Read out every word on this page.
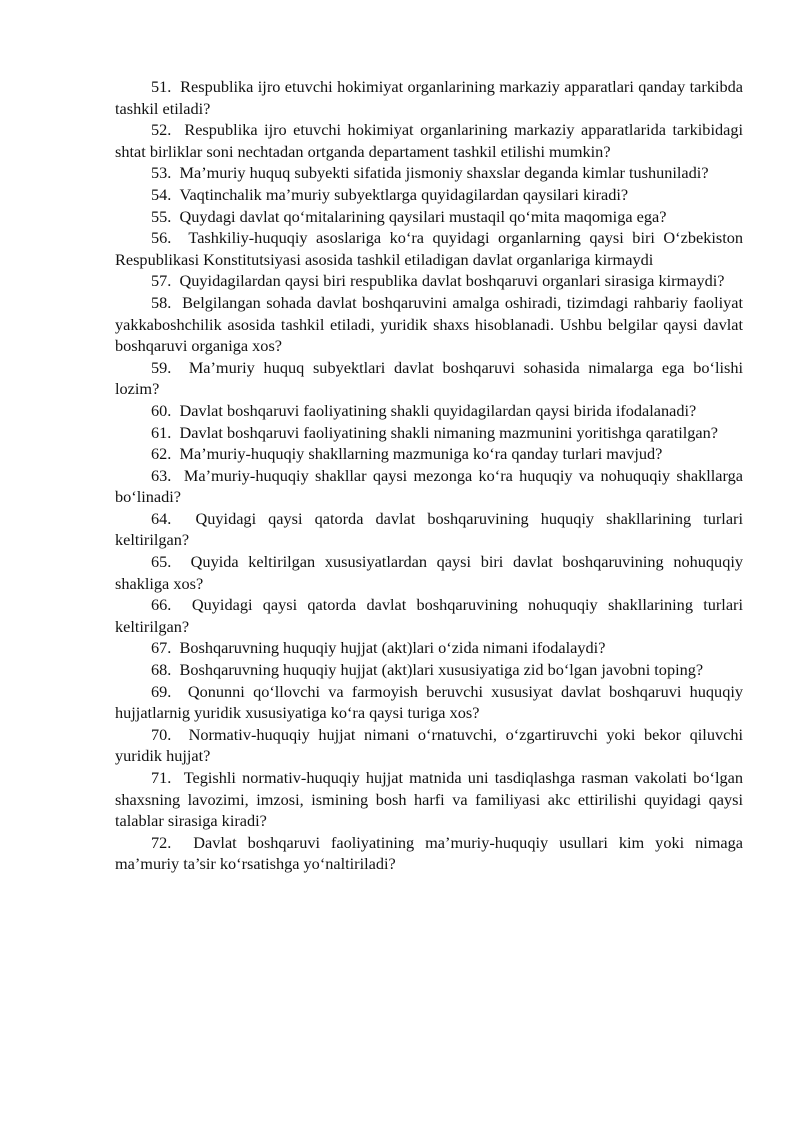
51. Respublika ijro etuvchi hokimiyat organlarining markaziy apparatlari qanday tarkibda tashkil etiladi?

52. Respublika ijro etuvchi hokimiyat organlarining markaziy apparatlarida tarkibidagi shtat birliklar soni nechtadan ortganda departament tashkil etilishi mumkin?

53. Ma’muriy huquq subyekti sifatida jismoniy shaxslar deganda kimlar tushuniladi?

54. Vaqtinchalik ma’muriy subyektlarga quyidagilardan qaysilari kiradi?

55. Quydagi davlat qo‘mitalarining qaysilari mustaqil qo‘mita maqomiga ega?

56. Tashkiliy-huquqiy asoslariga ko‘ra quyidagi organlarning qaysi biri O‘zbekiston Respublikasi Konstitutsiyasi asosida tashkil etiladigan davlat organlariga kirmaydi

57. Quyidagilardan qaysi biri respublika davlat boshqaruvi organlari sirasiga kirmaydi?

58. Belgilangan sohada davlat boshqaruvini amalga oshiradi, tizimdagi rahbariy faoliyat yakkaboshchilik asosida tashkil etiladi, yuridik shaxs hisoblanadi. Ushbu belgilar qaysi davlat boshqaruvi organiga xos?

59. Ma’muriy huquq subyektlari davlat boshqaruvi sohasida nimalarga ega bo‘lishi lozim?

60. Davlat boshqaruvi faoliyatining shakli quyidagilardan qaysi birida ifodalanadi?

61. Davlat boshqaruvi faoliyatining shakli nimaning mazmunini yoritishga qaratilgan?

62. Ma’muriy-huquqiy shakllarning mazmuniga ko‘ra qanday turlari mavjud?

63. Ma’muriy-huquqiy shakllar qaysi mezonga ko‘ra huquqiy va nohuquqiy shakllarga bo‘linadi?

64. Quyidagi qaysi qatorda davlat boshqaruvining huquqiy shakllarining turlari keltirilgan?

65. Quyida keltirilgan xususiyatlardan qaysi biri davlat boshqaruvining nohuquqiy shakliga xos?

66. Quyidagi qaysi qatorda davlat boshqaruvining nohuquqiy shakllarining turlari keltirilgan?

67. Boshqaruvning huquqiy hujjat (akt)lari o‘zida nimani ifodalaydi?

68. Boshqaruvning huquqiy hujjat (akt)lari xususiyatiga zid bo‘lgan javobni toping?

69. Qonunni qo‘llovchi va farmoyish beruvchi xususiyat davlat boshqaruvi huquqiy hujjatlarnig yuridik xususiyatiga ko‘ra qaysi turiga xos?

70. Normativ-huquqiy hujjat nimani o‘rnatuvchi, o‘zgartiruvchi yoki bekor qiluvchi yuridik hujjat?

71. Tegishli normativ-huquqiy hujjat matnida uni tasdiqlashga rasman vakolati bo‘lgan shaxsning lavozimi, imzosi, ismining bosh harfi va familiyasi akc ettirilishi quyidagi qaysi talablar sirasiga kiradi?

72. Davlat boshqaruvi faoliyatining ma’muriy-huquqiy usullari kim yoki nimaga ma’muriy ta’sir ko‘rsatishga yo‘naltiriladi?
